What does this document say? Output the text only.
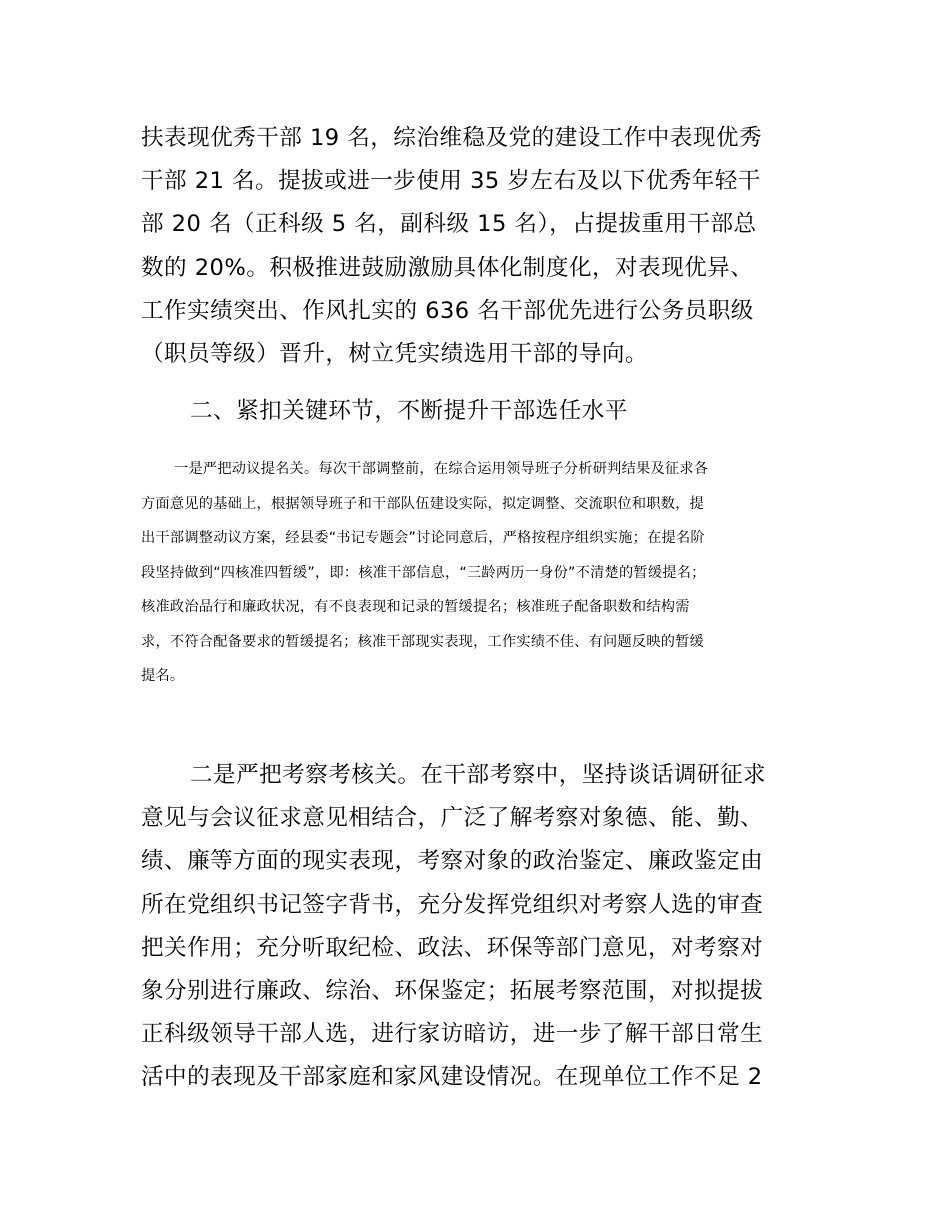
扶表现优秀干部 19 名，综治维稳及党的建设工作中表现优秀
干部 21 名。提拔或进一步使用 35 岁左右及以下优秀年轻干
部 20 名（正科级 5 名，副科级 15 名），占提拔重用干部总
数的 20%。积极推进鼓励激励具体化制度化，对表现优异、
工作实绩突出、作风扎实的 636 名干部优先进行公务员职级
（职员等级）晋升，树立凭实绩选用干部的导向。
二、紧扣关键环节，不断提升干部选任水平
一是严把动议提名关。每次干部调整前，在综合运用领导班子分析研判结果及征求各
方面意见的基础上，根据领导班子和干部队伍建设实际，拟定调整、交流职位和职数，提
出干部调整动议方案，经县委“书记专题会”讨论同意后，严格按程序组织实施；在提名阶
段坚持做到“四核准四暂缓”，即：核准干部信息，“三龄两历一身份”不清楚的暂缓提名；
核准政治品行和廉政状况，有不良表现和记录的暂缓提名；核准班子配备职数和结构需
求，不符合配备要求的暂缓提名；核准干部现实表现，工作实绩不佳、有问题反映的暂缓
提名。
二是严把考察考核关。在干部考察中，坚持谈话调研征求
意见与会议征求意见相结合，广泛了解考察对象德、能、勤、
绩、廉等方面的现实表现，考察对象的政治鉴定、廉政鉴定由
所在党组织书记签字背书，充分发挥党组织对考察人选的审查
把关作用；充分听取纪检、政法、环保等部门意见，对考察对
象分别进行廉政、综治、环保鉴定；拓展考察范围，对拟提拔
正科级领导干部人选，进行家访暗访，进一步了解干部日常生
活中的表现及干部家庭和家风建设情况。在现单位工作不足 2
